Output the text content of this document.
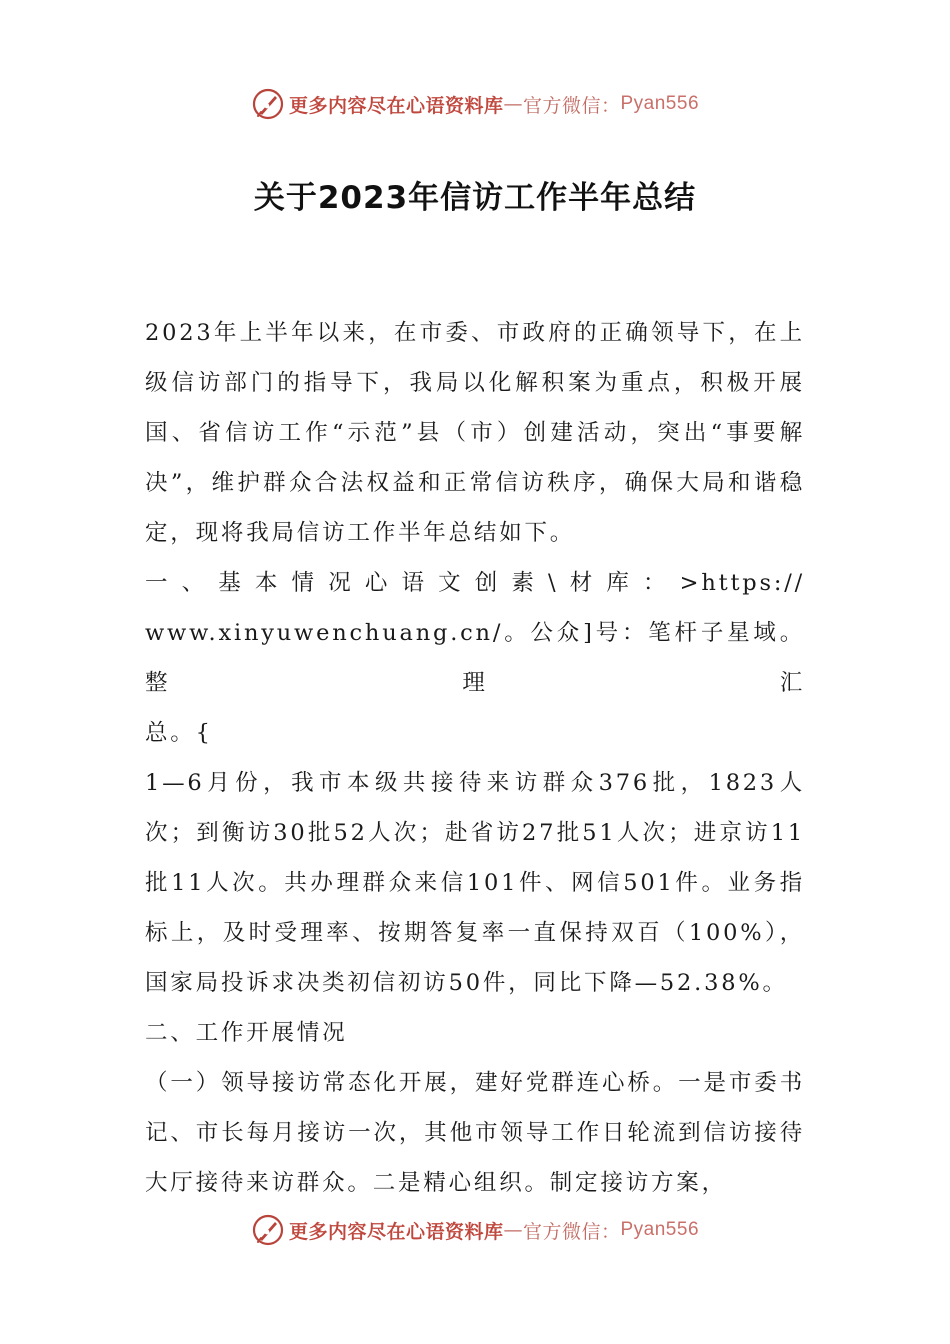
更多内容尽在心语资料库 — 官方微信： Pyan556
关于2023年信访工作半年总结

2023年上半年以来，在市委、市政府的正确领导下，在上级信访部门的指导下，我局以化解积案为重点，积极开展国、省信访工作“示范”县（市）创建活动，突出“事要解决”，维护群众合法权益和正常信访秩序，确保大局和谐稳定，现将我局信访工作半年总结如下。

一、基本情况心语文创素\材库：>https://

www.xinyuwenchuang.cn/。公众]号：笔杆子星域。整理汇

总。{

1—6月份，我市本级共接待来访群众376批，1823人次；到衡访30批52人次；赴省访27批51人次；进京访11批11人次。共办理群众来信101件、网信501件。业务指标上，及时受理率、按期答复率一直保持双百（100%），国家局投诉求决类初信初访50件，同比下降—52.38%。

二、工作开展情况

（一）领导接访常态化开展，建好党群连心桥。一是市委书记、市长每月接访一次，其他市领导工作日轮流到信访接待大厅接待来访群众。二是精心组织。制定接访方案，

更多内容尽在心语资料库 — 官方微信： Pyan556
